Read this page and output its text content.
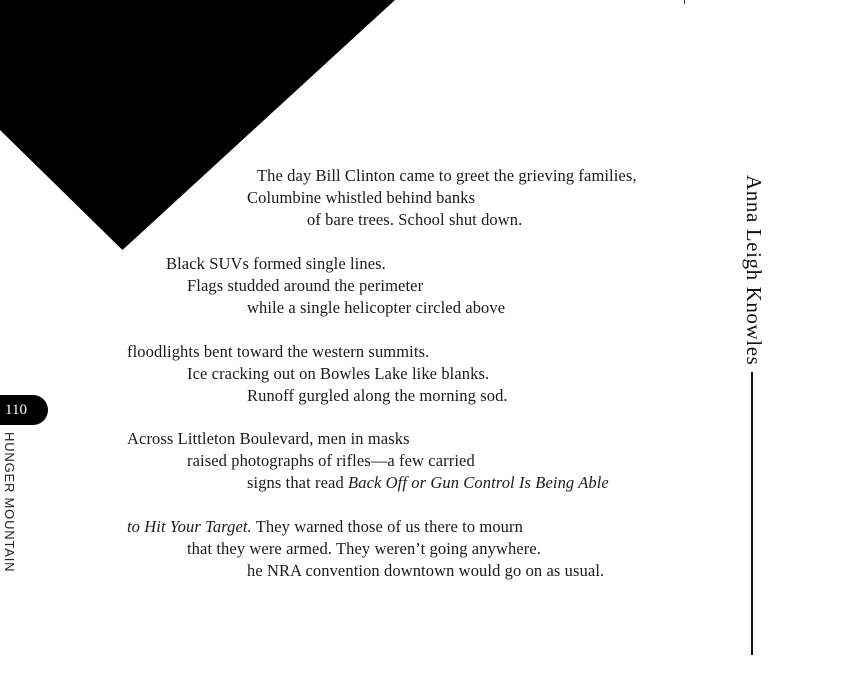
The day Bill Clinton came to greet the grieving families,
Columbine whistled behind banks
of bare trees. School shut down.
Black SUVs formed single lines.
Flags studded around the perimeter
while a single helicopter circled above
floodlights bent toward the western summits.
Ice cracking out on Bowles Lake like blanks.
Runoff gurgled along the morning sod.
Across Littleton Boulevard, men in masks
raised photographs of rifles—a few carried
signs that read Back Off or Gun Control Is Being Able
to Hit Your Target. They warned those of us there to mourn
that they were armed. They weren’t going anywhere.
he NRA convention downtown would go on as usual.
Anna Leigh Knowles
110
HUNGER MOUNTAIN
